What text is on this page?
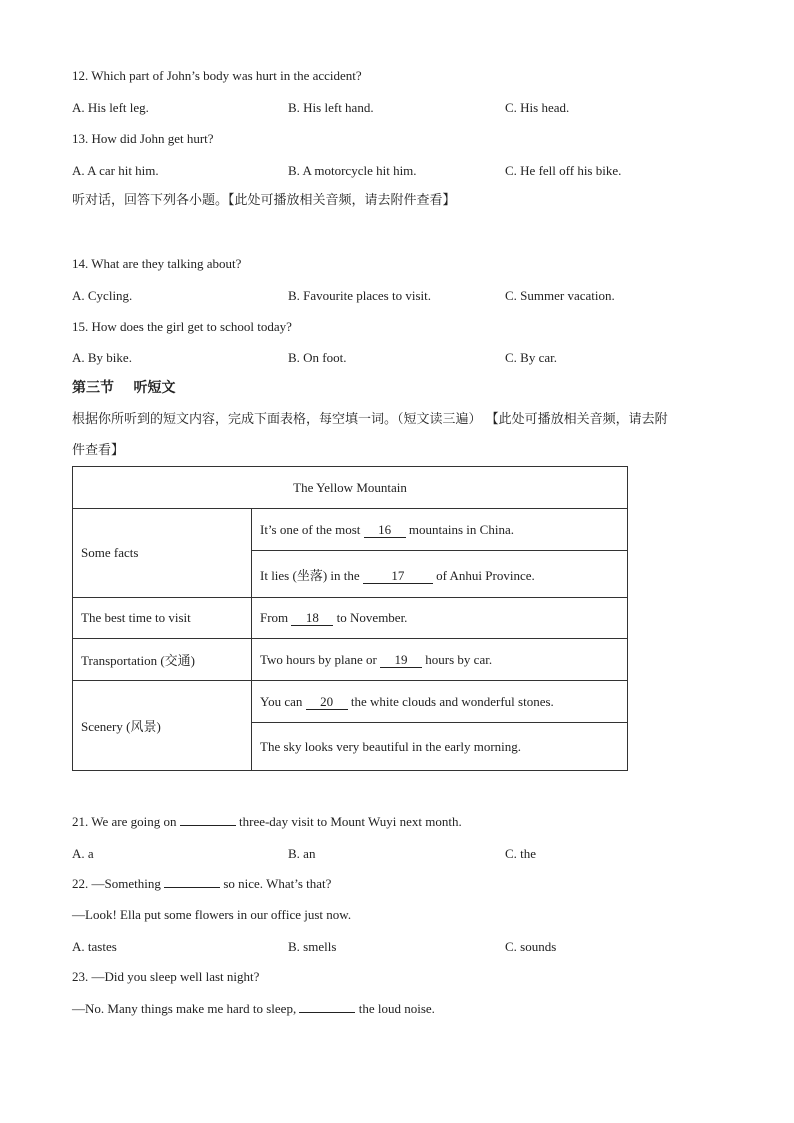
12. Which part of John’s body was hurt in the accident?
A. His left leg.	B. His left hand.	C. His head.
13. How did John get hurt?
A. A car hit him.	B. A motorcycle hit him.	C. He fell off his bike.
听对话，回答下列各小题。【此处可播放相关音频，请去附件查看】
14. What are they talking about?
A. Cycling.	B. Favourite places to visit.	C. Summer vacation.
15. How does the girl get to school today?
A. By bike.	B. On foot.	C. By car.
第三节    听短文
根据你所听到的短文内容，完成下面表格，每空填一词。（短文读三遍） 【此处可播放相关音频，请去附
件查看】
The Yellow Mountain	
Some facts	It’s one of the most 16 mountains in China.
	It lies (坐落) in the 17 of Anhui Province.
The best time to visit	From 18 to November.
Transportation (交通)	Two hours by plane or 19 hours by car.
Scenery (风景)	You can 20 the white clouds and wonderful stones.
	The sky looks very beautiful in the early morning.
21. We are going on	three-day visit to Mount Wuyi next month.
A. a	B. an	C. the
22. —Something	so nice. What’s that?
—Look! Ella put some flowers in our office just now.
A. tastes	B. smells	C. sounds
23. —Did you sleep well last night?
—No. Many things make me hard to sleep,	the loud noise.
